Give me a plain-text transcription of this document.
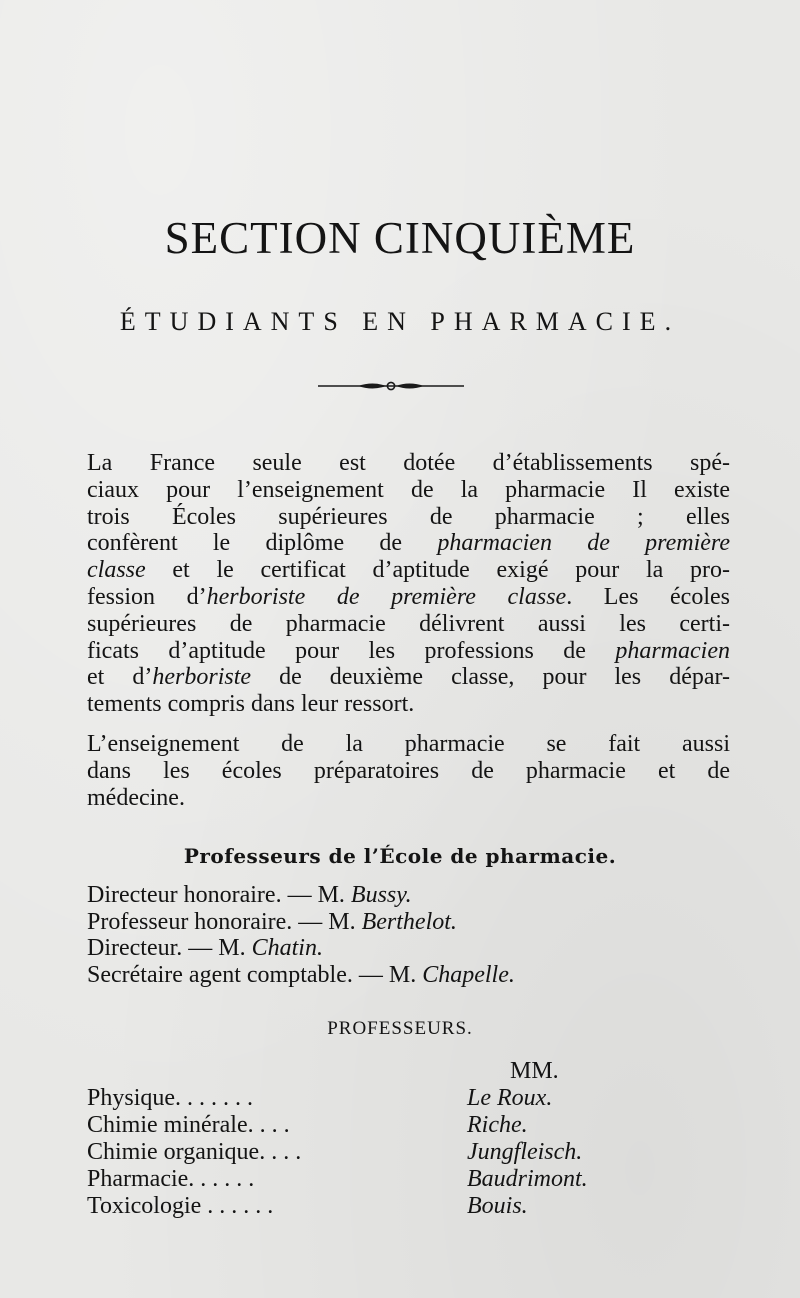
SECTION CINQUIÈME
ÉTUDIANTS EN PHARMACIE.
La France seule est dotée d’établissements spé-
ciaux pour l’enseignement de la pharmacie Il existe
trois Écoles supérieures de pharmacie ; elles
confèrent le diplôme de pharmacien de première
classe et le certificat d’aptitude exigé pour la pro-
fession d’herboriste de première classe. Les écoles
supérieures de pharmacie délivrent aussi les certi-
ficats d’aptitude pour les professions de pharmacien
et d’herboriste de deuxième classe, pour les dépar-
tements compris dans leur ressort.
L’enseignement de la pharmacie se fait aussi
dans les écoles préparatoires de pharmacie et de
médecine.
Professeurs de l’École de pharmacie.
Directeur honoraire. — M. Bussy.
Professeur honoraire. — M. Berthelot.
Directeur. — M. Chatin.
Secrétaire agent comptable. — M. Chapelle.
PROFESSEURS.
MM.
Physique. . . . . . .	Le Roux.
Chimie minérale. . . .	Riche.
Chimie organique. . . .	Jungfleisch.
Pharmacie. . . . . .	Baudrimont.
Toxicologie . . . . . .	Bouis.
